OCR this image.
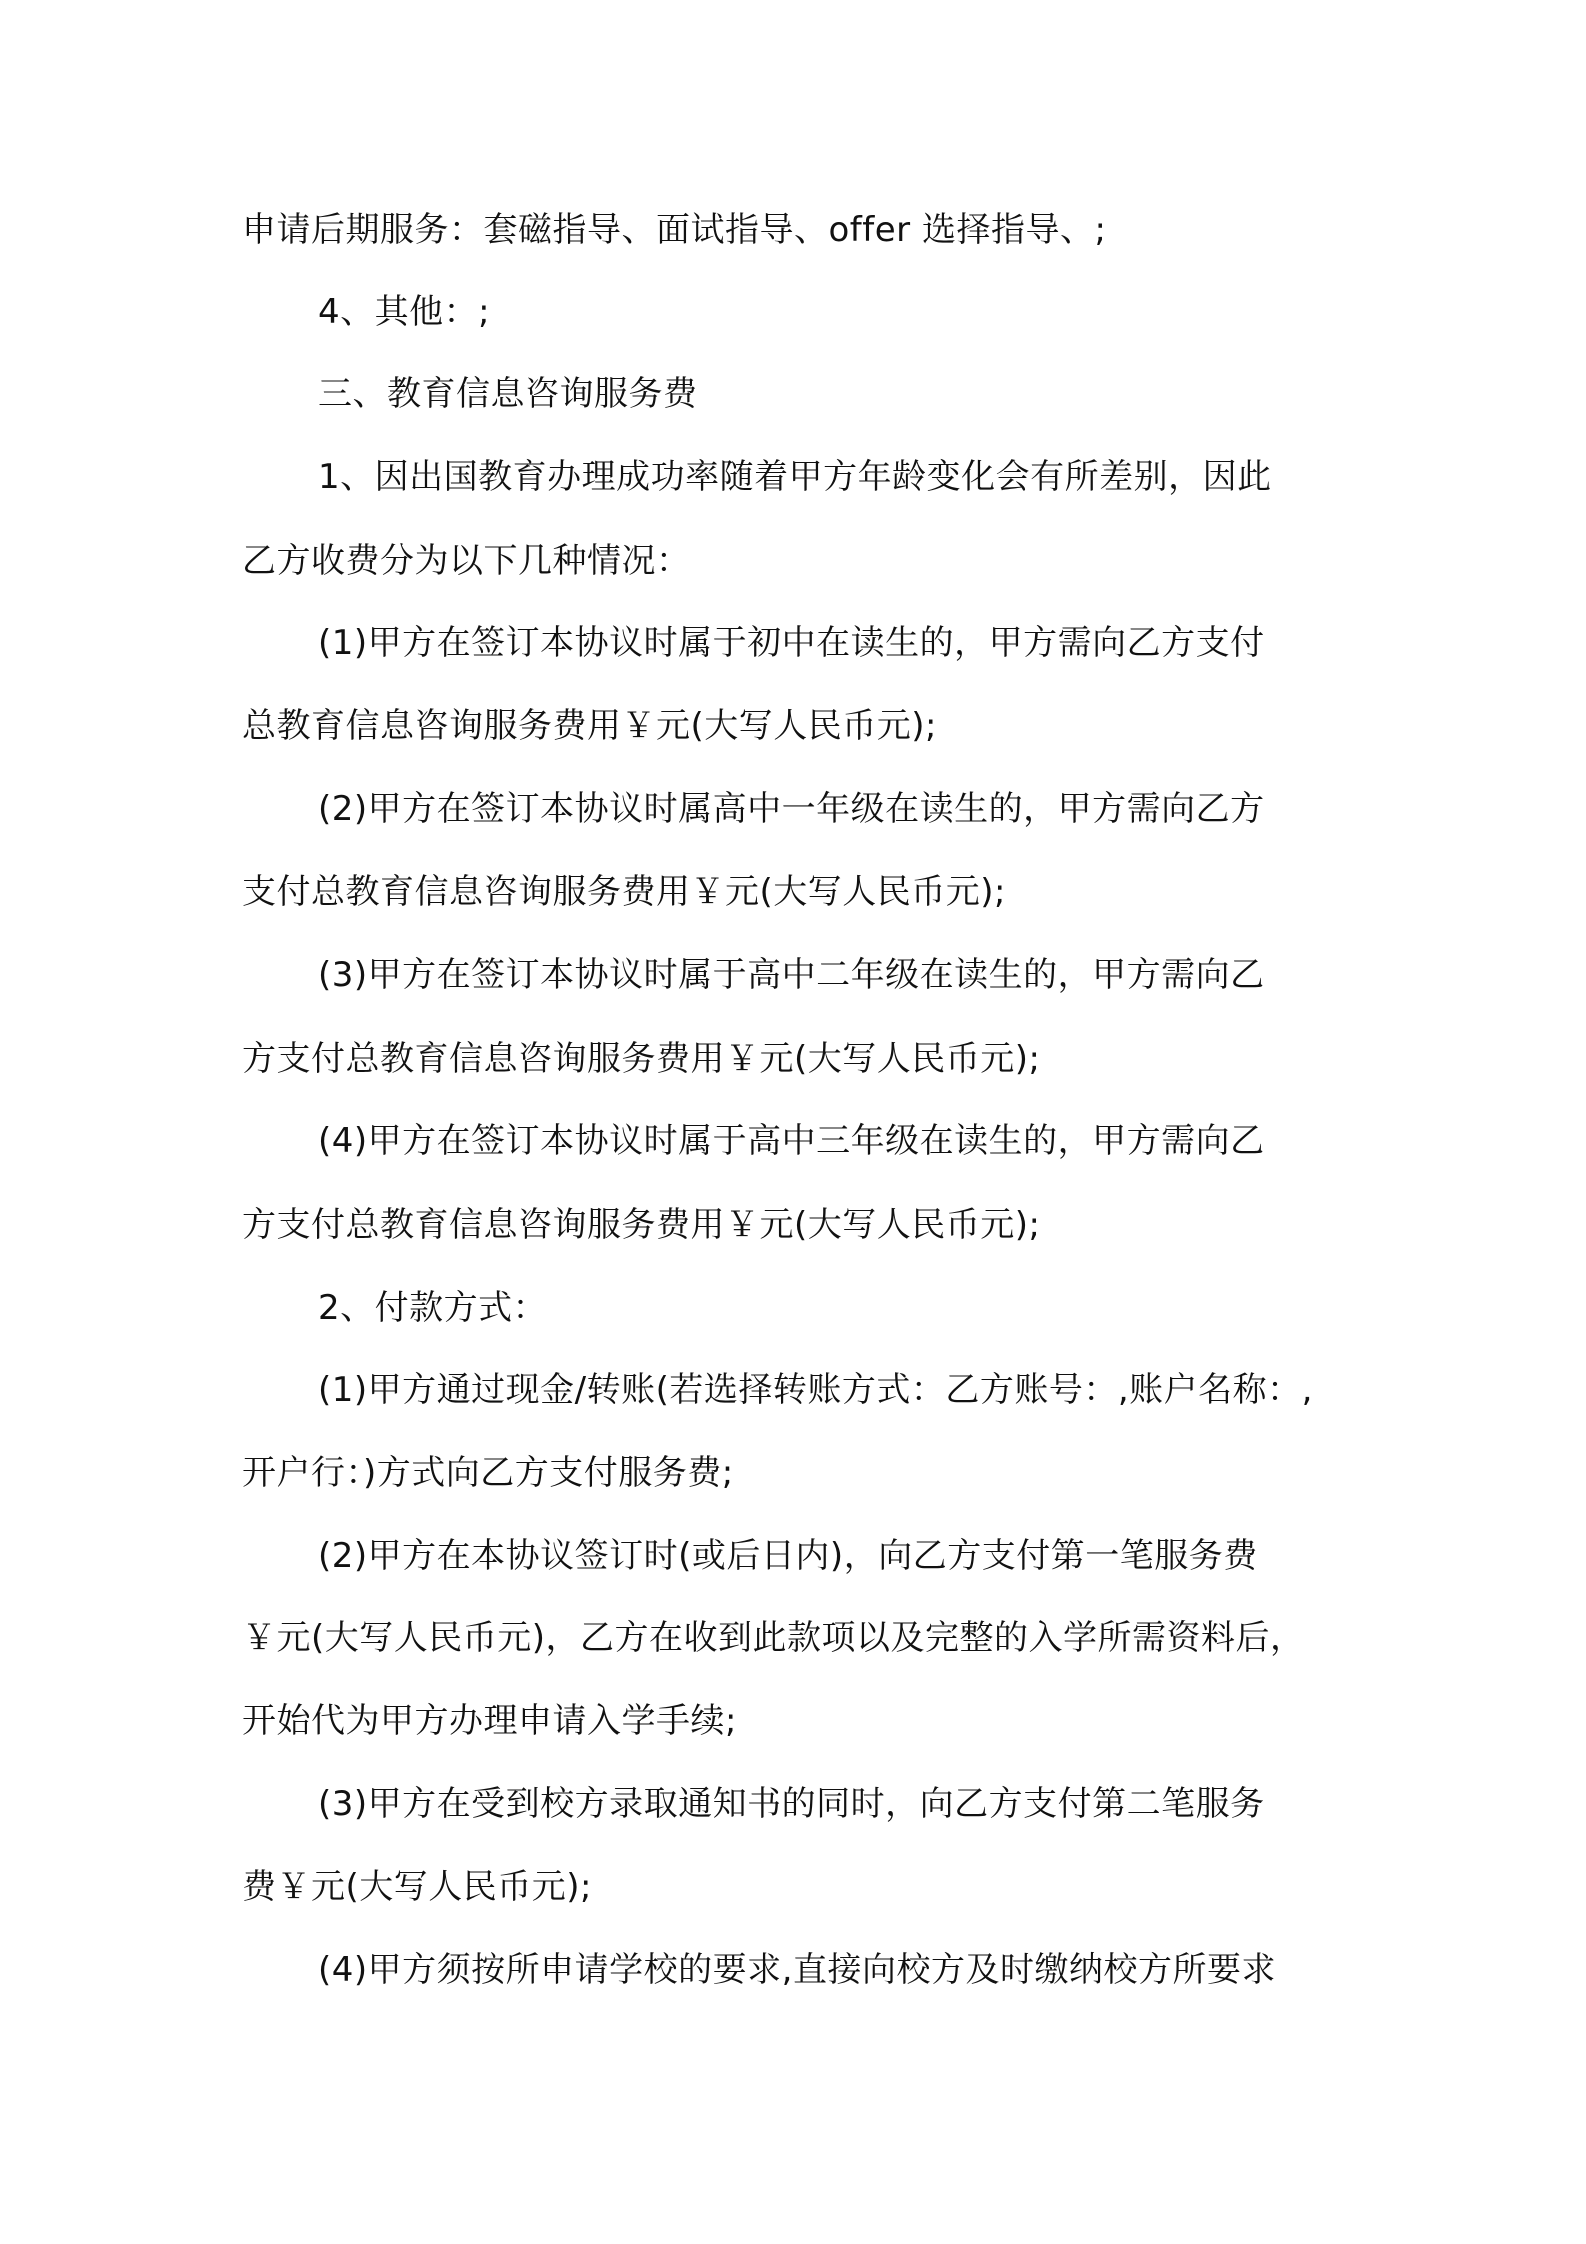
申请后期服务：套磁指导、面试指导、offer 选择指导、;
4、其他：;
三、教育信息咨询服务费
1、因出国教育办理成功率随着甲方年龄变化会有所差别，因此
乙方收费分为以下几种情况：
(1)甲方在签订本协议时属于初中在读生的，甲方需向乙方支付
总教育信息咨询服务费用￥元(大写人民币元);
(2)甲方在签订本协议时属高中一年级在读生的，甲方需向乙方
支付总教育信息咨询服务费用￥元(大写人民币元);
(3)甲方在签订本协议时属于高中二年级在读生的，甲方需向乙
方支付总教育信息咨询服务费用￥元(大写人民币元);
(4)甲方在签订本协议时属于高中三年级在读生的，甲方需向乙
方支付总教育信息咨询服务费用￥元(大写人民币元);
2、付款方式：
(1)甲方通过现金/转账(若选择转账方式：乙方账号：,账户名称：,
开户行：)方式向乙方支付服务费;
(2)甲方在本协议签订时(或后日内)，向乙方支付第一笔服务费
￥元(大写人民币元)，乙方在收到此款项以及完整的入学所需资料后，
开始代为甲方办理申请入学手续;
(3)甲方在受到校方录取通知书的同时，向乙方支付第二笔服务
费￥元(大写人民币元);
(4)甲方须按所申请学校的要求,直接向校方及时缴纳校方所要求
